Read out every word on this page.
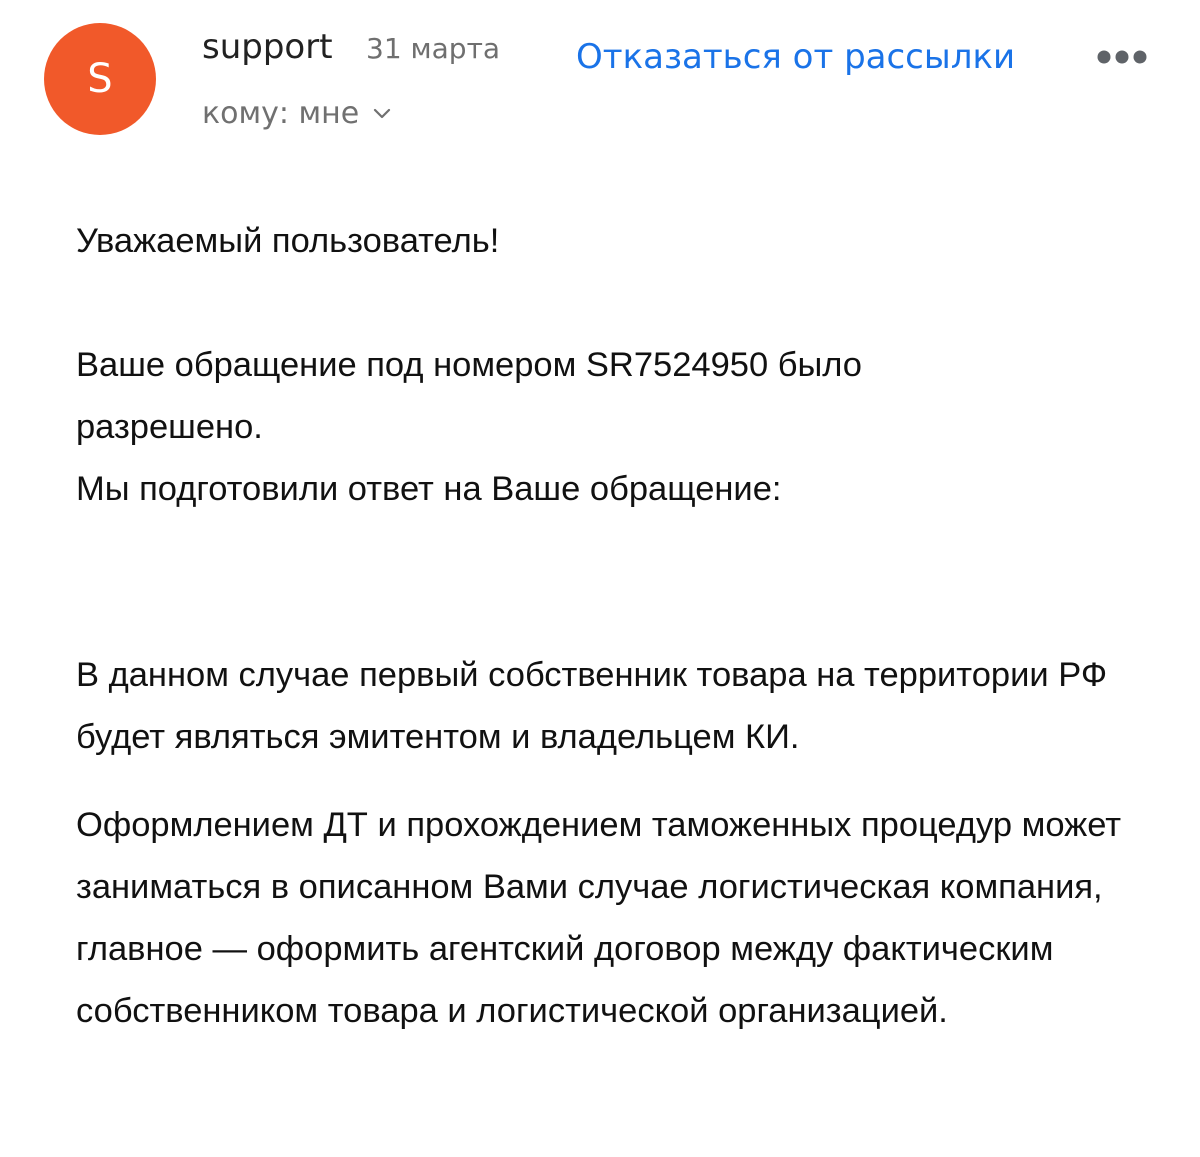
S
support 31 марта
кому: мне
Отказаться от рассылки

Уважаемый пользователь!

Ваше обращение под номером SR7524950 было

разрешено.

Мы подготовили ответ на Ваше обращение:

В данном случае первый собственник товара на территории РФ будет являться эмитентом и владельцем КИ.

Оформлением ДТ и прохождением таможенных процедур может заниматься в описанном Вами случае логистическая компания, главное — оформить агентский договор между фактическим собственником товара и логистической организацией.
